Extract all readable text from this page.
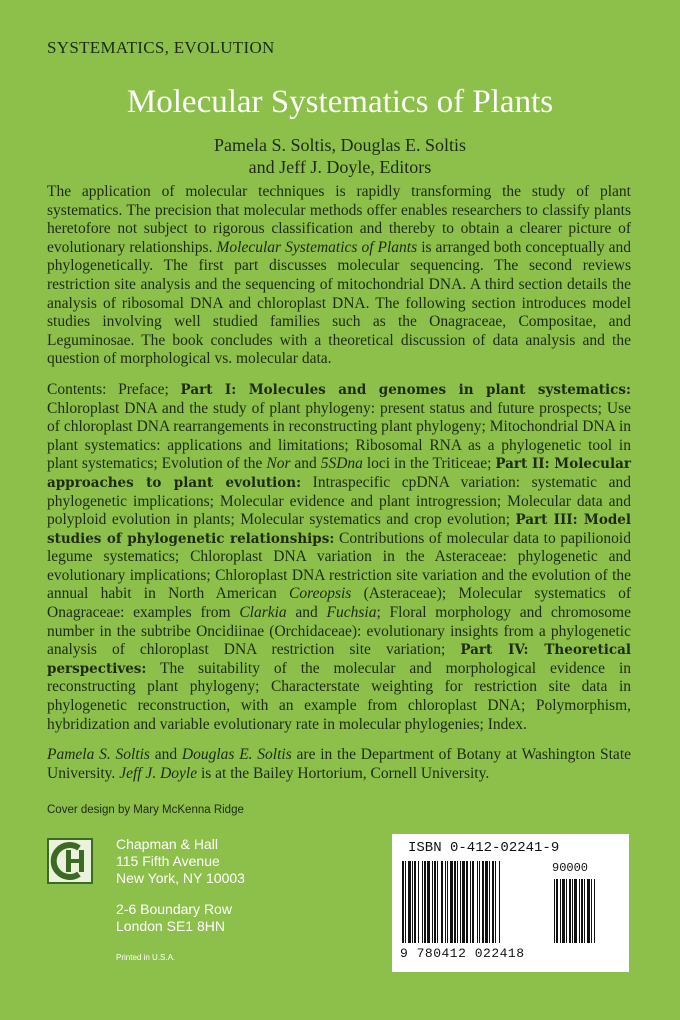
SYSTEMATICS, EVOLUTION
Molecular Systematics of Plants
Pamela S. Soltis, Douglas E. Soltis
and Jeff J. Doyle, Editors

The application of molecular techniques is rapidly transforming the study of plant systematics. The precision that molecular methods offer enables researchers to classify plants heretofore not subject to rigorous classification and thereby to obtain a clearer picture of evolutionary relationships. Molecular Systematics of Plants is arranged both conceptually and phylogenetically. The first part discusses molecular sequencing. The second reviews restriction site analysis and the sequencing of mitochondrial DNA. A third section details the analysis of ribosomal DNA and chloroplast DNA. The following section introduces model studies involving well studied families such as the Onagraceae, Compositae, and Leguminosae. The book concludes with a theoretical discussion of data analysis and the question of morphological vs. molecular data.

Contents: Preface; Part I: Molecules and genomes in plant systematics: Chloroplast DNA and the study of plant phylogeny: present status and future prospects; Use of chloroplast DNA rearrangements in reconstructing plant phylogeny; Mitochondrial DNA in plant systematics: applications and limitations; Ribosomal RNA as a phylogenetic tool in plant systematics; Evolution of the Nor and 5SDna loci in the Triticeae; Part II: Molecular approaches to plant evolution: Intraspecific cpDNA variation: systematic and phylogenetic implications; Molecular evidence and plant introgression; Molecular data and polyploid evolution in plants; Molecular systematics and crop evolution; Part III: Model studies of phylogenetic relationships: Contributions of molecular data to papilionoid legume systematics; Chloroplast DNA variation in the Asteraceae: phylogenetic and evolutionary implications; Chloroplast DNA restriction site variation and the evolution of the annual habit in North American Coreopsis (Asteraceae); Molecular systematics of Onagraceae: examples from Clarkia and Fuchsia; Floral morphology and chromosome number in the subtribe Oncidiinae (Orchidaceae): evolutionary insights from a phylogenetic analysis of chloroplast DNA restriction site variation; Part IV: Theoretical perspectives: The suitability of the molecular and morphological evidence in reconstructing plant phylogeny; Characterstate weighting for restriction site data in phylogenetic reconstruction, with an example from chloroplast DNA; Polymorphism, hybridization and variable evolutionary rate in molecular phylogenies; Index.

Pamela S. Soltis and Douglas E. Soltis are in the Department of Botany at Washington State University. Jeff J. Doyle is at the Bailey Hortorium, Cornell University.

Cover design by Mary McKenna Ridge
Chapman & Hall
115 Fifth Avenue
New York, NY 10003
2-6 Boundary Row
London SE1 8HN
Printed in U.S.A.
ISBN 0-412-02241-9
9 780412 022418
90000
